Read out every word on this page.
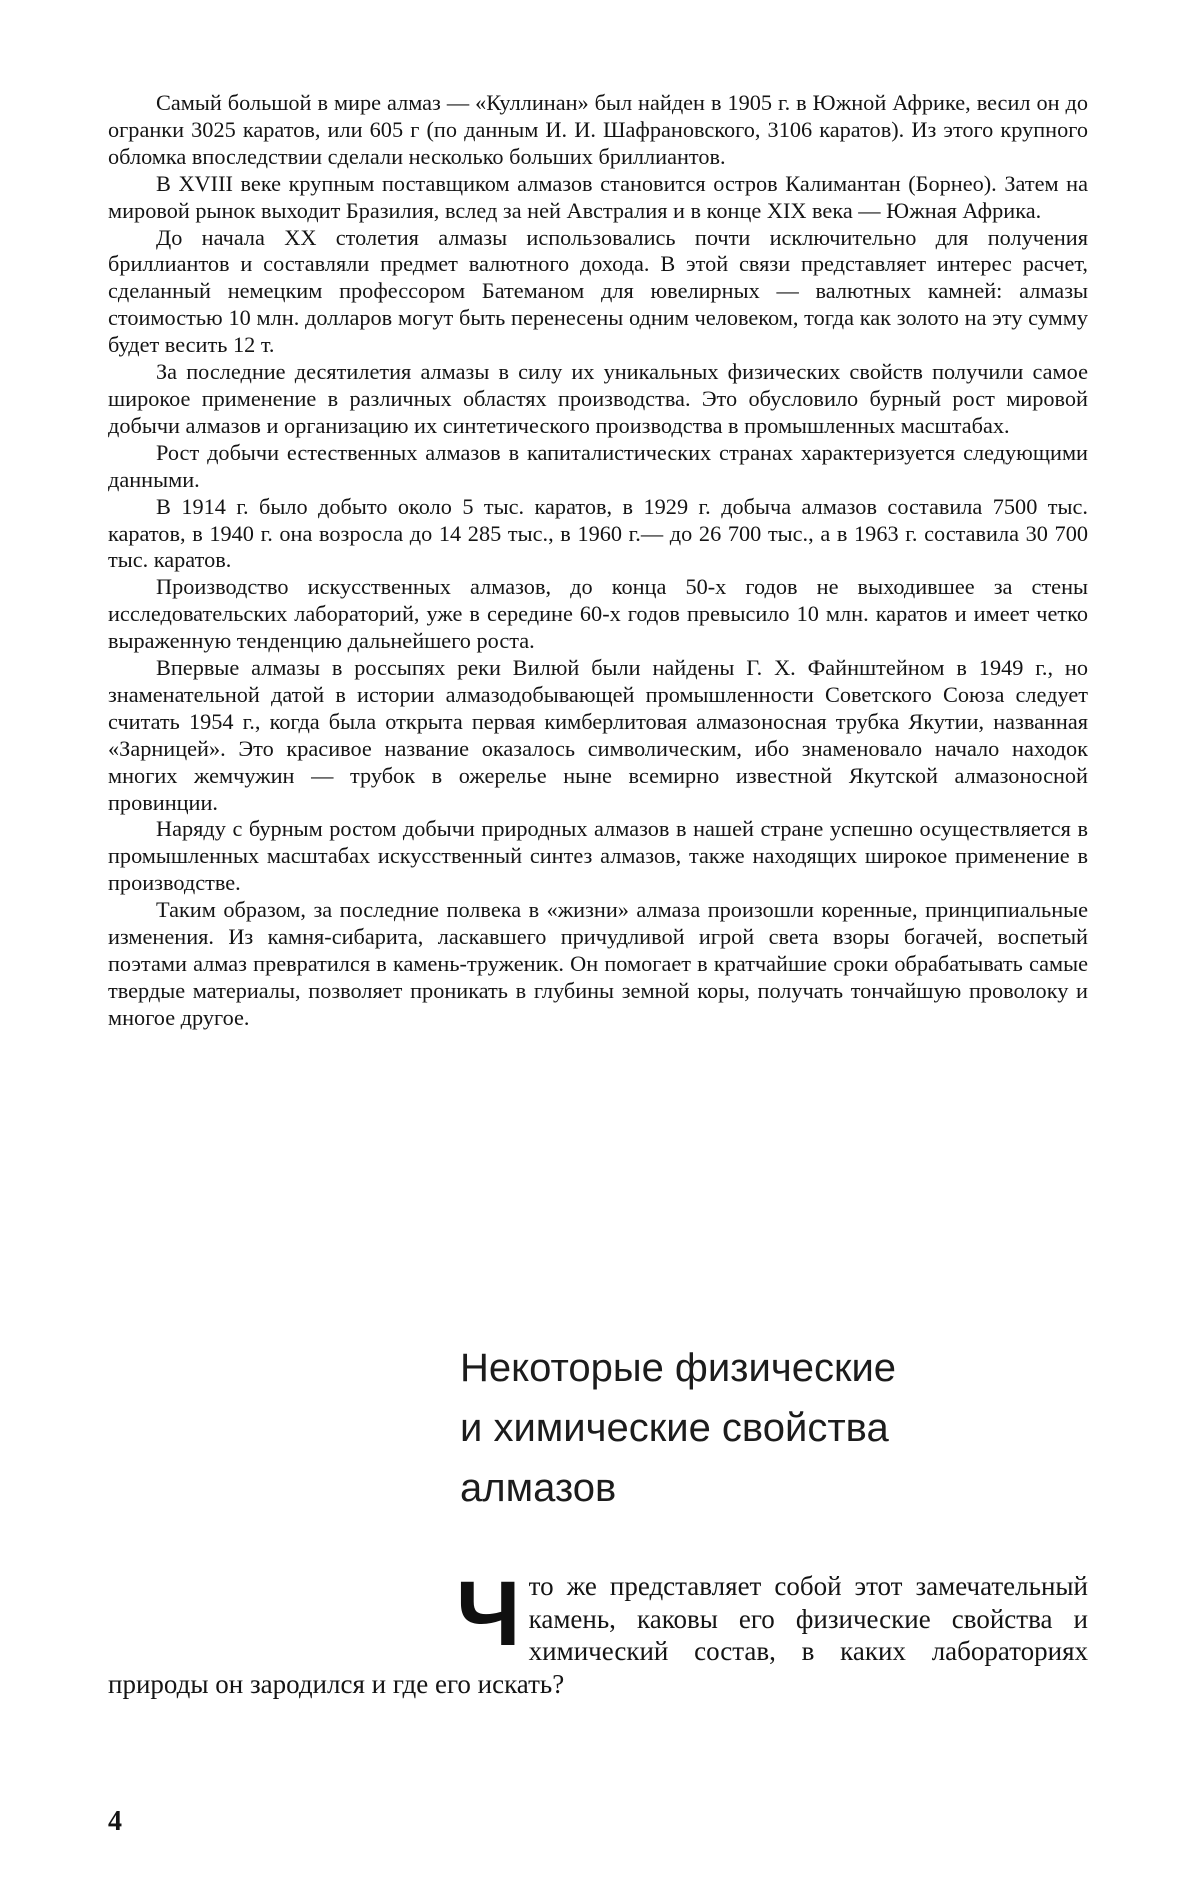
Самый большой в мире алмаз — «Куллинан» был найден в 1905 г. в Южной Африке, весил он до огранки 3025 каратов, или 605 г (по данным И. И. Шафрановского, 3106 каратов). Из этого крупного обломка впоследствии сделали несколько больших бриллиантов.

В XVIII веке крупным поставщиком алмазов становится остров Калимантан (Борнео). Затем на мировой рынок выходит Бразилия, вслед за ней Австралия и в конце XIX века — Южная Африка.

До начала XX столетия алмазы использовались почти исключительно для получения бриллиантов и составляли предмет валютного дохода. В этой связи представляет интерес расчет, сделанный немецким профессором Батеманом для ювелирных — валютных камней: алмазы стоимостью 10 млн. долларов могут быть перенесены одним человеком, тогда как золото на эту сумму будет весить 12 т.

За последние десятилетия алмазы в силу их уникальных физических свойств получили самое широкое применение в различных областях производства. Это обусловило бурный рост мировой добычи алмазов и организацию их синтетического производства в промышленных масштабах.

Рост добычи естественных алмазов в капиталистических странах характеризуется следующими данными.

В 1914 г. было добыто около 5 тыс. каратов, в 1929 г. добыча алмазов составила 7500 тыс. каратов, в 1940 г. она возросла до 14 285 тыс., в 1960 г.— до 26 700 тыс., а в 1963 г. составила 30 700 тыс. каратов.

Производство искусственных алмазов, до конца 50-х годов не выходившее за стены исследовательских лабораторий, уже в середине 60-х годов превысило 10 млн. каратов и имеет четко выраженную тенденцию дальнейшего роста.

Впервые алмазы в россыпях реки Вилюй были найдены Г. Х. Файнштейном в 1949 г., но знаменательной датой в истории алмазодобывающей промышленности Советского Союза следует считать 1954 г., когда была открыта первая кимберлитовая алмазоносная трубка Якутии, названная «Зарницей». Это красивое название оказалось символическим, ибо знаменовало начало находок многих жемчужин — трубок в ожерелье ныне всемирно известной Якутской алмазоносной провинции.

Наряду с бурным ростом добычи природных алмазов в нашей стране успешно осуществляется в промышленных масштабах искусственный синтез алмазов, также находящих широкое применение в производстве.

Таким образом, за последние полвека в «жизни» алмаза произошли коренные, принципиальные изменения. Из камня-сибарита, ласкавшего причудливой игрой света взоры богачей, воспетый поэтами алмаз превратился в камень-труженик. Он помогает в кратчайшие сроки обрабатывать самые твердые материалы, позволяет проникать в глубины земной коры, получать тончайшую проволоку и многое другое.

Некоторые физические
и химические свойства
алмазов

Что же представляет собой этот замечательный камень, каковы его физические свойства и химический состав, в каких лабораториях природы он зародился и где его искать?

4
